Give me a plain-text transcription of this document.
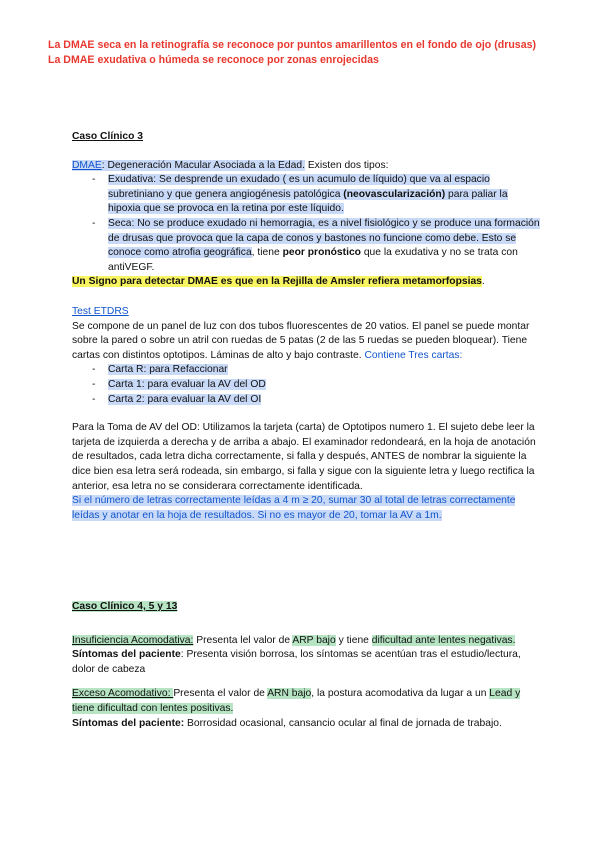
La DMAE seca en la retinografía se reconoce por puntos amarillentos en el fondo de ojo (drusas)

La DMAE exudativa o húmeda se reconoce por zonas enrojecidas

Caso Clínico 3

DMAE: Degeneración Macular Asociada a la Edad. Existen dos tipos:

- Exudativa: Se desprende un exudado ( es un acumulo de líquido) que va al espacio subretiniano y que genera angiogénesis patológica (neovascularización) para paliar la hipoxia que se provoca en la retina por este líquido.
- Seca: No se produce exudado ni hemorragia, es a nivel fisiológico y se produce una formación de drusas que provoca que la capa de conos y bastones no funcione como debe. Esto se conoce como atrofia geográfica, tiene peor pronóstico que la exudativa y no se trata con antiVEGF.

Un Signo para detectar DMAE es que en la Rejilla de Amsler refiera metamorfopsias.

Test ETDRS

Se compone de un panel de luz con dos tubos fluorescentes de 20 vatios. El panel se puede montar sobre la pared o sobre un atril con ruedas de 5 patas (2 de las 5 ruedas se pueden bloquear). Tiene cartas con distintos optotipos. Láminas de alto y bajo contraste. Contiene Tres cartas:

- Carta R: para Refaccionar
- Carta 1: para evaluar la AV del OD
- Carta 2: para evaluar la AV del OI

Para la Toma de AV del OD: Utilizamos la tarjeta (carta) de Optotipos numero 1. El sujeto debe leer la tarjeta de izquierda a derecha y de arriba a abajo. El examinador redondeará, en la hoja de anotación de resultados, cada letra dicha correctamente, si falla y después, ANTES de nombrar la siguiente la dice bien esa letra será rodeada, sin embargo, si falla y sigue con la siguiente letra y luego rectifica la anterior, esa letra no se considerara correctamente identificada.

Si el número de letras correctamente leídas a 4 m ≥ 20, sumar 30 al total de letras correctamente leídas y anotar en la hoja de resultados. Si no es mayor de 20, tomar la AV a 1m.

Caso Clínico 4, 5 y 13

Insuficiencia Acomodativa: Presenta lel valor de ARP bajo y tiene dificultad ante lentes negativas.

Síntomas del paciente: Presenta visión borrosa, los síntomas se acentúan tras el estudio/lectura, dolor de cabeza

Exceso Acomodativo: Presenta el valor de ARN bajo, la postura acomodativa da lugar a un Lead y tiene dificultad con lentes positivas.

Síntomas del paciente: Borrosidad ocasional, cansancio ocular al final de jornada de trabajo.
